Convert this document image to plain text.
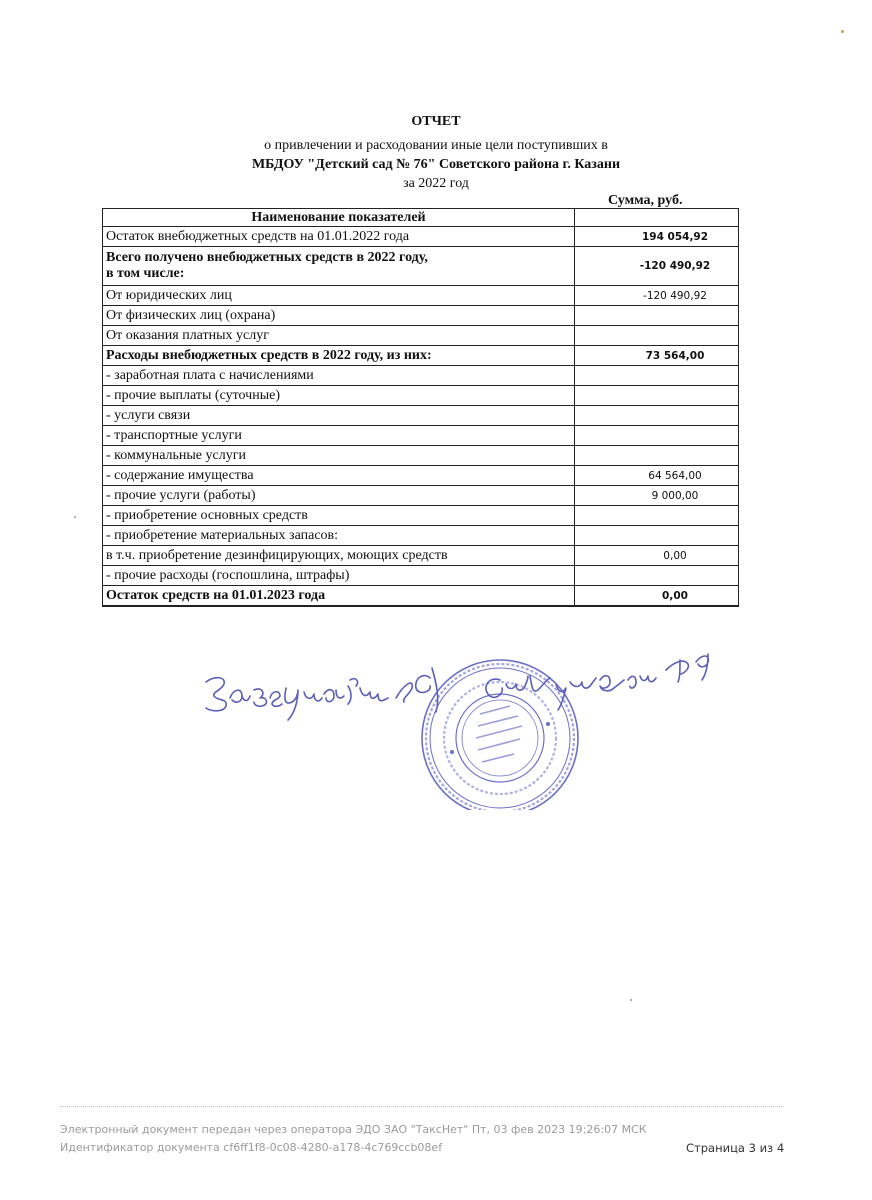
ОТЧЕТ
о привлечении и расходовании иные цели поступивших в
МБДОУ "Детский сад № 76" Советского района г. Казани
за 2022 год
Сумма, руб.
Наименование показателей	
Остаток внебюджетных средств на 01.01.2022 года	194 054,92

Всего получено внебюджетных средств в 2022 году,
в том числе:	-120 490,92
От юридических лиц	-120 490,92
От физических лиц (охрана)	
От оказания платных услуг	
Расходы внебюджетных средств в 2022 году, из них:	73 564,00
- заработная плата с начислениями	
- прочие выплаты (суточные)	
- услуги связи	
- транспортные услуги	
- коммунальные услуги	
- содержание имущества	64 564,00
- прочие услуги (работы)	9 000,00
- приобретение основных средств	
- приобретение материальных запасов:	
в т.ч. приобретение дезинфицирующих, моющих средств	0,00
- прочие расходы (госпошлина, штрафы)	
Остаток средств на 01.01.2023 года	0,00
Электронный документ передан через оператора ЭДО ЗАО "ТаксНет" Пт, 03 фев 2023 19:26:07 МСК
Идентификатор документа cf6ff1f8-0c08-4280-a178-4c769ccb08ef	Страница 3 из 4
